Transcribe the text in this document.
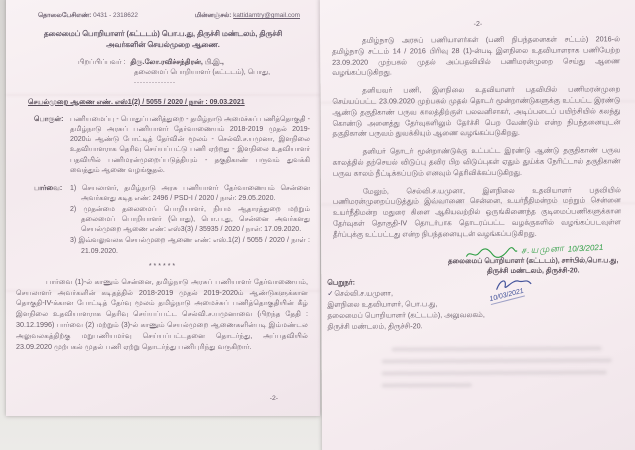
தொலைபேசிஎண்: 0431 - 2318622	மின்னஞ்சல்: kattidamtry@gmail.com
தலைமைப் பொறியாளர் (கட்டடம்) பொ.ப.து, திருச்சி மண்டலம், திருச்சி
அவர்களின் செயல்முறை ஆணை.
பிறப்பிப்பவர் : திரு.லோ.ரவிச்சந்திரன், பி.இ.,
தலைமைப் பொறியாளர் (கட்டடம்), பொது,
--------------
செயல்முறை ஆணை எண். எஸ்1(2) / 5055 / 2020 / நாள் : 09.03.2021
பொருள்: பணியமைப்பு - பொதுப்பணித்துறை - தமிழ்நாடு அமைச்சுப் பணித்தொகுதி - தமிழ்நாடு அரசுப் பணியாளர் தேர்வாணையம் 2018-2019 முதல் 2019-2020ம் ஆண்டு போட்டித் தேர்வின் மூலம் - செல்வி.ச.யமுனா, இளநிலை உதவியாளராக தெரிவு செய்யப்பட்டு பணி ஏற்றது - இளநிலை உதவியாளர் பதவியில் பணிமரன்முறைப்படுத்தியும் - தகுதிகாண் பருவம் துவக்கி வைத்தும் ஆணை வழங்குதல்.
பார்வை:	1) செயலாளர், தமிழ்நாடு அரசு பணியாளர் தேர்வாணையம் சென்னை அவர்களது கடித எண்: 2496 / PSD-I / 2020 / நாள்: 29.05.2020.
2) முதன்மை தலைமைப் பொறியாளர், நியம ஆதாரத்துறை மற்றும் தலைமைப் பொறியாளர் (பொது), பொ.ப.து, சென்னை அவர்களது செயல்முறை ஆணை எண்: எஸ்3(3) / 35935 / 2020 / நாள்: 17.09.2020.
3) இவ்வலுவலக செயல்முறை ஆணை எண்: எஸ்.1(2) / 5055 / 2020 / நாள் : 21.09.2020.
******
பார்வை (1)-ல் காணும் சென்னை, தமிழ்நாடு அரசுப் பணியாளர் தேர்வாணையம், செயலாளர் அவர்களின் கடிதத்தில் 2018-2019 முதல் 2019-2020ம் ஆண்டுகளுக்கான தொகுதி-IV-க்கான போட்டித் தேர்வு மூலம் தமிழ்நாடு அமைச்சுப் பணித்தொகுதியின் கீழ் இளநிலை உதவியாளராக தெரிவு செய்யப்பட்ட செல்வி.ச.யமுனாவை (பிறந்த தேதி : 30.12.1996) பார்வை (2) மற்றும் (3)-ல் காணும் செயல்முறை ஆணைகளின்படி இம்மண்டல அலுவலகத்திற்கு மறுபணியமர்வு செய்யப்பட்டதனை தொடர்ந்து, அப்பதவியில் 23.09.2020 முற்பகல் முதல் பணி ஏற்று தொடர்ந்து பணிபுரிந்து வருகிறார்.
-2-
-2-
தமிழ்நாடு அரசுப் பணியாளர்கள் (பணி நிபந்தனைகள் சட்டம்) 2016-ல் தமிழ்நாடு சட்டம் 14 / 2016 பிரிவு 28 (1)-ன்படி இளநிலை உதவியாளராக பணியேற்ற 23.09.2020 முற்பகல் முதல் அப்பதவியில் பணிமரன்முறை செய்து ஆணை வழங்கப்படுகிறது.
தனியவர் பணி, இளநிலை உதவியாளர் பதவியில் பணிமரன்முறை செய்யப்பட்ட 23.09.2020 முற்பகல் முதல் தொடர் மூன்றாண்டுகளுக்கு உட்பட்ட இரண்டு ஆண்டு தகுதிகாண் பருவ காலத்திற்குள் பலவனிசாகர், அடிப்படைப் பயிற்சியில் கலந்து கொண்டு அனைத்து தேர்வுகளிலும் தேர்ச்சி பெற வேண்டும் என்ற நிபந்தனையுடன் தகுதிகாண் பருவம் துவக்கியும் ஆணை வழங்கப்படுகிறது.
தனியர் தொடர் மூன்றாண்டுக்கு உட்பட்ட இரண்டு ஆண்டு தகுதிகாண் பருவ காலத்தில் தற்செயல் விடுப்பு தவிர பிற விடுப்புகள் ஏதும் துய்க்க நேரிட்டால் தகுதிகாண் பருவ காலம் நீட்டிக்கப்படும் எனவும் தெரிவிக்கப்படுகிறது.
மேலும், செல்வி.ச.யமுனா, இளநிலை உதவியாளர் பதவியில் பணிமரன்முறைப்படுத்தும் இவ்வாணை சென்னை, உயர்நீதிமன்றம் மற்றும் சென்னை உயர்நீதிமன்ற மதுரை கிளை ஆகியவற்றில் ஒருங்கிணைந்த குடிமைப்பணிகளுக்கான தேர்வுகள் தொகுதி-IV தொடர்பாக தொடரப்பட்ட வழக்குகளில் வழங்கப்படவுள்ள தீர்ப்புக்கு உட்பட்டது என்ற நிபந்தனையுடன் வழங்கப்படுகிறது.
ச.யமுனா 10/3/2021
தலைமைப் பொறியாளர் (கட்டடம்), சார்பில்,பொ.ப.து,
திருச்சி மண்டலம், திருச்சி-20.
10/03/2021
பெறுநர்:
✓செல்வி.ச.யமுனா,
இளநிலை உதவியாளர், பொ.ப.து,
தலைமைப் பொறியாளர் (கட்டடம்), அலுவலகம்,
திருச்சி மண்டலம், திருச்சி-20.
